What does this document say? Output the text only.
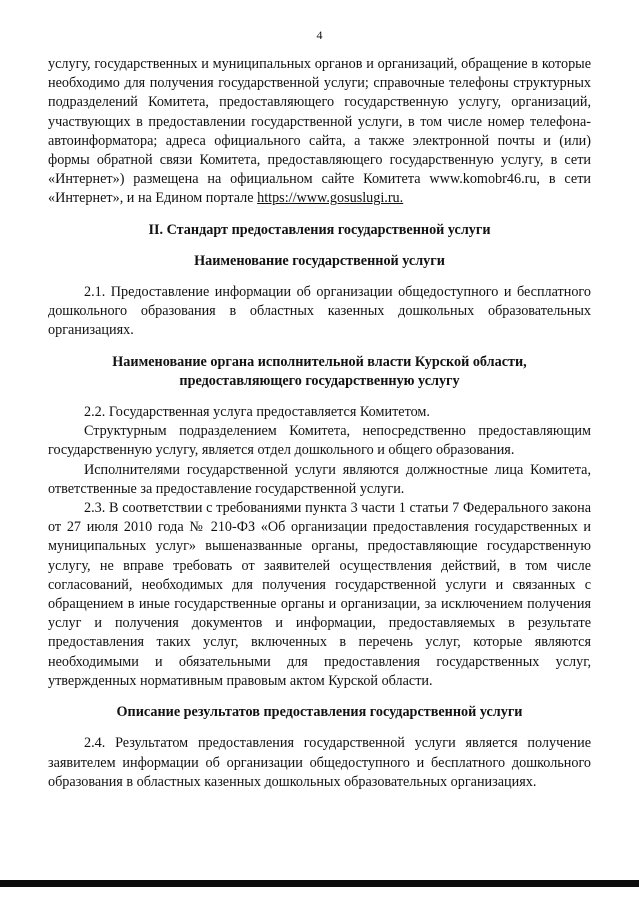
4

услугу, государственных и муниципальных органов и организаций, обращение в которые необходимо для получения государственной услуги; справочные телефоны структурных подразделений Комитета, предоставляющего государственную услугу, организаций, участвующих в предоставлении государственной услуги, в том числе номер телефона-автоинформатора; адреса официального сайта, а также электронной почты и (или) формы обратной связи Комитета, предоставляющего государственную услугу, в сети «Интернет») размещена на официальном сайте Комитета www.komobr46.ru, в сети «Интернет», и на Едином портале https://www.gosuslugi.ru.

II. Стандарт предоставления государственной услуги

Наименование государственной услуги

2.1. Предоставление информации об организации общедоступного и бесплатного дошкольного образования в областных казенных дошкольных образовательных организациях.

Наименование органа исполнительной власти Курской области,

предоставляющего государственную услугу

2.2. Государственная услуга предоставляется Комитетом.

Структурным подразделением Комитета, непосредственно предоставляющим государственную услугу, является отдел дошкольного и общего образования.

Исполнителями государственной услуги являются должностные лица Комитета, ответственные за предоставление государственной услуги.

2.3. В соответствии с требованиями пункта 3 части 1 статьи 7 Федерального закона от 27 июля 2010 года № 210-ФЗ «Об организации предоставления государственных и муниципальных услуг» вышеназванные органы, предоставляющие государственную услугу, не вправе требовать от заявителей осуществления действий, в том числе согласований, необходимых для получения государственной услуги и связанных с обращением в иные государственные органы и организации, за исключением получения услуг и получения документов и информации, предоставляемых в результате предоставления таких услуг, включенных в перечень услуг, которые являются необходимыми и обязательными для предоставления государственных услуг, утвержденных нормативным правовым актом Курской области.

Описание результатов предоставления государственной услуги

2.4. Результатом предоставления государственной услуги является получение заявителем информации об организации общедоступного и бесплатного дошкольного образования в областных казенных дошкольных образовательных организациях.
